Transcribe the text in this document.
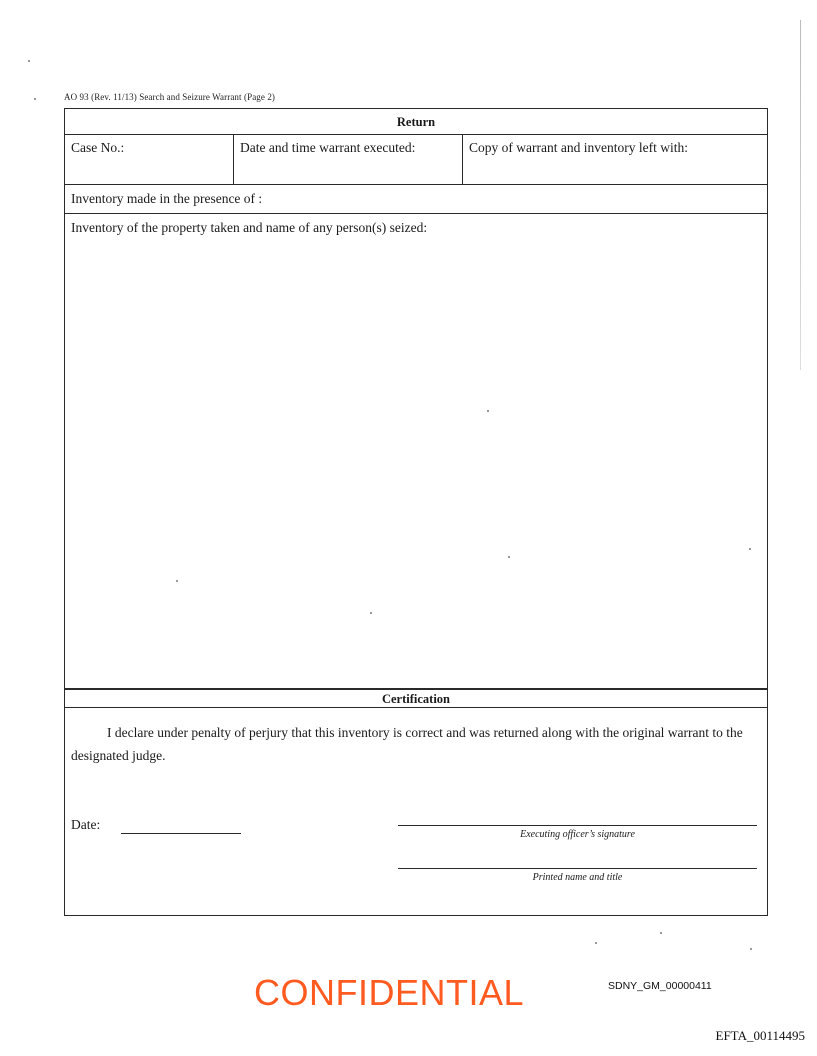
AO 93 (Rev. 11/13) Search and Seizure Warrant (Page 2)
Return
Case No.:	Date and time warrant executed:	Copy of warrant and inventory left with:
Inventory made in the presence of :
Inventory of the property taken and name of any person(s) seized:
Certification
I declare under penalty of perjury that this inventory is correct and was returned along with the original warrant to the designated judge.
Date:
Executing officer’s signature
Printed name and title
CONFIDENTIAL	SDNY_GM_00000411
EFTA_00114495
